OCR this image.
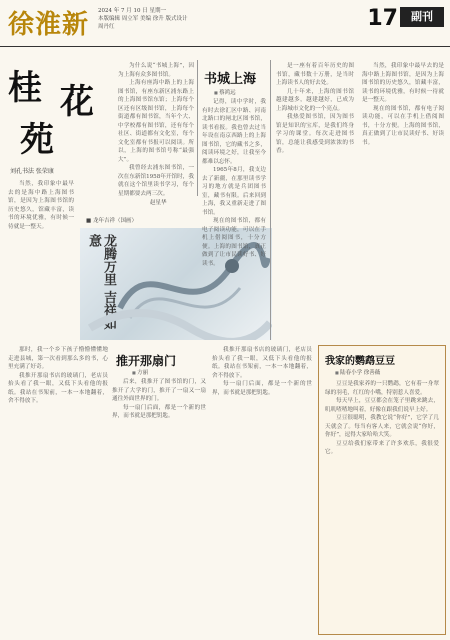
徐淮新 2024 年 7 月 10 日 星期一
本版编辑 周立军 美编 徐升 版式设计 周丹红	17	副刊
桂 花
苑
刘孔书法 张荣康

为什么说“书城上海”，因为上海有众多图书馆。

上海有座海中路上的上海图书馆，有座东新区浦东路上的上海图书馆东馆；上海每个区还有区级图书馆，上海每个街道都有图书馆，当年个大、中学校都有图书馆，还有每个社区、街道都有文化室，每个文化室都有书报可以阅读。所以，上海的图书馆号称“最强大”。

我曾经去浦东图书馆，一次在东新馆1958年开馆时，我就在这个馆里读书学习，每个星期都要去两三次。

赵星华
■ 龙年吉祥（国画）
龙腾万里 吉祥如意
书城上海
■ 蔡鸿远

记得，读中学时，我有时去徐汇区中路、河南北路口的闸北区图书馆，读书看报。我也曾去过当年设在南京西路上的上海图书馆，它的藏书之多，阅读环境之好，让我至今都难以忘怀。

1965年8月，我支边去了新疆，在那里读书学习的地方就是兵团图书室，藏书有限。后来回到上海，我又重新走进了图书馆。

现在的图书馆，都有电子阅读功能，可以在手机上借阅图书，十分方便。上海的图书馆，真正做到了让市民读好书、好读书。

是一座有着百年历史的图书馆，藏书数十万册，是当时上海读书人的好去处。

几十年来，上海的图书馆越建越多，越建越好，已成为上海城市文化的一个亮点。

我热爱图书馆，因为图书馆是知识的宝库，是我们终身学习的课堂。每次走进图书馆，总能让我感受到浓浓的书香。

当然，我印象中最早去的是海中路上海图书馆，是因为上海图书馆的历史悠久，馆藏丰富，读书的环境优雅，有时候一待就是一整天。

现在的图书馆，都有电子阅读功能，可以在手机上借阅图书，十分方便。上海的图书馆，真正做到了让市民读好书、好读书。

当然，我印象中最早去的是海中路上海图书馆，是因为上海图书馆的历史悠久，馆藏丰富，读书的环境优雅，有时候一待就是一整天。

推开那扇门
■ 方丽

那时，我一个乡下孩子懵懵懂懂地走进县城，第一次看到那么多的书，心里充满了好奇。

我推开那扇书店的玻璃门，老店员抬头看了我一眼，又低下头看他的报纸。我站在书架前，一本一本地翻着，舍不得放下。

后来，我推开了图书馆的门，又推开了大学的门，推开了一扇又一扇通往外面世界的门。

每一扇门后面，都是一个新的世界，而书就是那把钥匙。

我推开那扇书店的玻璃门，老店员抬头看了我一眼，又低下头看他的报纸。我站在书架前，一本一本地翻着，舍不得放下。

每一扇门后面，都是一个新的世界，而书就是那把钥匙。

我家的鹦鹉豆豆
■ 陆春小学 徐善薇

豆豆是我家养的一只鹦鹉，它有着一身翠绿的羽毛，红红的小嘴，特别惹人喜爱。

每天早上，豆豆都会在笼子里跳来跳去，叽叽喳喳地叫着，好像在跟我们说早上好。

豆豆很聪明，我教它说“你好”，它学了几天就会了。每当有客人来，它就会说“你好，你好”，逗得大家哈哈大笑。

豆豆给我们家带来了许多欢乐，我很爱它。
